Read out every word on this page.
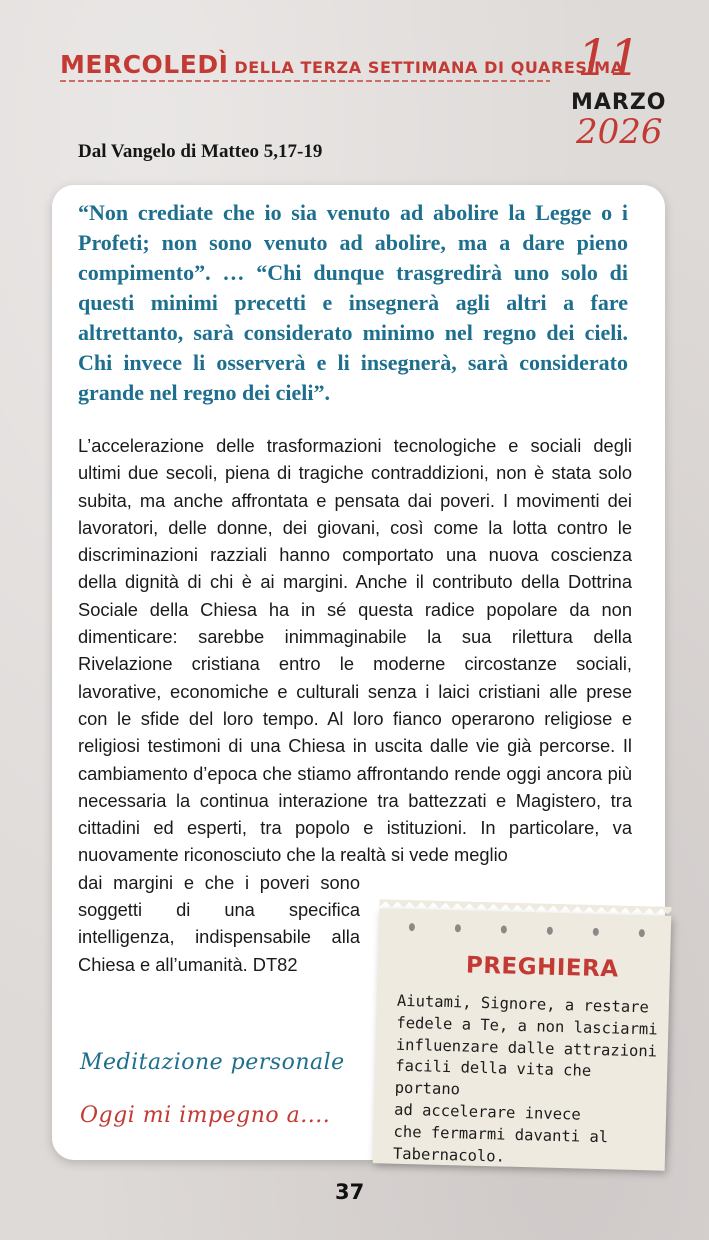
MERCOLEDÌ DELLA TERZA SETTIMANA DI QUARESIMA
11
MARZO
2026
Dal Vangelo di Matteo 5,17-19
“Non crediate che io sia venuto ad abolire la Legge o i Profeti; non sono venuto ad abolire, ma a dare pieno compimento”. … “Chi dunque trasgredirà uno solo di questi minimi precetti e insegnerà agli altri a fare altrettanto, sarà considerato minimo nel regno dei cieli. Chi invece li osserverà e li insegnerà, sarà considerato grande nel regno dei cieli”.
L’accelerazione delle trasformazioni tecnologiche e sociali degli ultimi due secoli, piena di tragiche contraddizioni, non è stata solo subita, ma anche affrontata e pensata dai poveri. I movimenti dei lavoratori, delle donne, dei giovani, così come la lotta contro le discriminazioni razziali hanno comportato una nuova coscienza della dignità di chi è ai margini. Anche il contributo della Dottrina Sociale della Chiesa ha in sé questa radice popolare da non dimenticare: sarebbe inimmaginabile la sua rilettura della Rivelazione cristiana entro le moderne circostanze sociali, lavorative, economiche e culturali senza i laici cristiani alle prese con le sfide del loro tempo. Al loro fianco operarono religiose e religiosi testimoni di una Chiesa in uscita dalle vie già percorse. Il cambiamento d’epoca che stiamo affrontando rende oggi ancora più necessaria la continua interazione tra battezzati e Magistero, tra cittadini ed esperti, tra popolo e istituzioni. In particolare, va nuovamente riconosciuto che la realtà si vede meglio
dai margini e che i poveri sono soggetti di una specifica intelligenza, indispensabile alla Chiesa e all’umanità. DT82
Meditazione personale
Oggi mi impegno a....
37
PREGHIERA
Aiutami, Signore, a restare
fedele a Te, a non lasciarmi
influenzare dalle attrazioni
facili della vita che portano
ad accelerare invece
che fermarmi davanti al
Tabernacolo.
